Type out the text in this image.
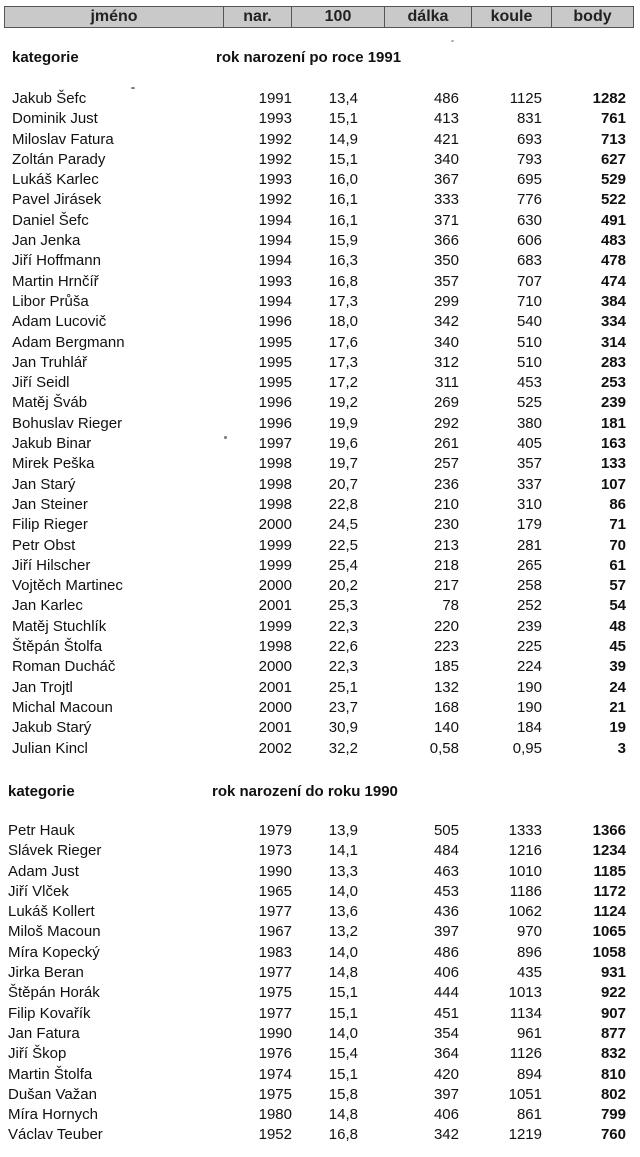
jméno	nar.	100	dálka	koule	body
kategorie	rok narození po roce 1991
Jakub Šefc	1991 13,4	486	1125	1282
Dominik Just	1993 15,1	413	831	761
Miloslav Fatura	1992 14,9	421	693	713
Zoltán Parady	1992 15,1	340	793	627
Lukáš Karlec	1993 16,0	367	695	529
Pavel Jirásek	1992 16,1	333	776	522
Daniel Šefc	1994 16,1	371	630	491
Jan Jenka	1994 15,9	366	606	483
Jiří Hoffmann	1994 16,3	350	683	478
Martin Hrnčíř	1993 16,8	357	707	474
Libor Průša	1994 17,3	299	710	384
Adam Lucovič	1996 18,0	342	540	334
Adam Bergmann	1995 17,6	340	510	314
Jan Truhlář	1995 17,3	312	510	283
Jiří Seidl	1995 17,2	311	453	253
Matěj Šváb	1996 19,2	269	525	239
Bohuslav Rieger	1996 19,9	292	380	181
Jakub Binar	1997 19,6	261	405	163
Mirek Peška	1998 19,7	257	357	133
Jan Starý	1998 20,7	236	337	107
Jan Steiner	1998 22,8	210	310	86
Filip Rieger	2000 24,5	230	179	71
Petr Obst	1999 22,5	213	281	70
Jiří Hilscher	1999 25,4	218	265	61
Vojtěch Martinec	2000 20,2	217	258	57
Jan Karlec	2001 25,3	78	252	54
Matěj Stuchlík	1999 22,3	220	239	48
Štěpán Štolfa	1998 22,6	223	225	45
Roman Ducháč	2000 22,3	185	224	39
Jan Trojtl	2001 25,1	132	190	24
Michal Macoun	2000 23,7	168	190	21
Jakub Starý	2001 30,9	140	184	19
Julian Kincl	2002 32,2	0,58	0,95	3
kategorie	rok narození do roku 1990
Petr Hauk	1979 13,9	505	1333	1366
Slávek Rieger	1973 14,1	484	1216	1234
Adam Just	1990 13,3	463	1010	1185
Jiří Vlček	1965 14,0	453	1186	1172
Lukáš Kollert	1977 13,6	436	1062	1124
Miloš Macoun	1967 13,2	397	970	1065
Míra Kopecký	1983 14,0	486	896	1058
Jirka Beran	1977 14,8	406	435	931
Štěpán Horák	1975 15,1	444	1013	922
Filip Kovařík	1977 15,1	451	1134	907
Jan Fatura	1990 14,0	354	961	877
Jiří Škop	1976 15,4	364	1126	832
Martin Štolfa	1974 15,1	420	894	810
Dušan Važan	1975 15,8	397	1051	802
Míra Hornych	1980 14,8	406	861	799
Václav Teuber	1952 16,8	342	1219	760
